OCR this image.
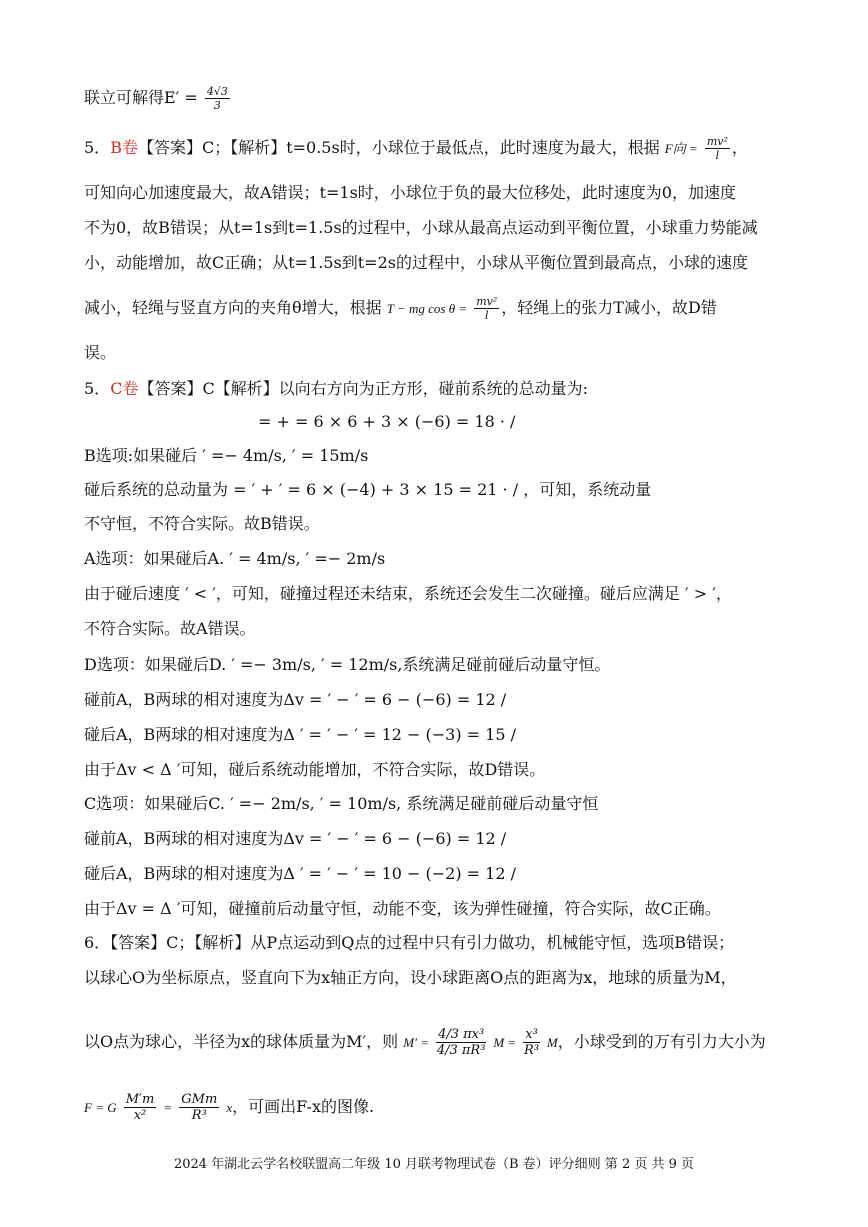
联立可解得$E' = \frac{4√3}{3}$
5．B卷【答案】C；【解析】t=0.5s时，小球位于最低点，此时速度为最大，根据 F向 = $\frac{\text{mv²}}{l}$ ，
可知向心加速度最大，故A错误；t=1s时，小球位于负的最大位移处，此时速度为0，加速度
不为0，故B错误；从t=1s到t=1.5s的过程中，小球从最高点运动到平衡位置，小球重力势能减
小，动能增加，故C正确；从t=1.5s到t=2s的过程中，小球从平衡位置到最高点，小球的速度
减小，轻绳与竖直方向的夹角θ增大，根据 T − mg $\cos \theta = \frac{\text{mv²}}{l}$ ，轻绳上的张力T减小，故D错
误。
5．C卷【答案】C【解析】以向右方向为正方形，碰前系统的总动量为:
= + = 6 × 6 + 3 × (−6) = 18 · /
B选项:如果碰后 ′ =− 4m/s, ′ = 15m/s
碰后系统的总动量为 = ′ + ′ = 6 × (−4) + 3 × 15 = 21 · / ，可知，系统动量
不守恒，不符合实际。故B错误。
A选项：如果碰后A. ′ = 4m/s, ′ =− 2m/s
由于碰后速度 ′ < ′，可知，碰撞过程还未结束，系统还会发生二次碰撞。碰后应满足 ′ > ′，
不符合实际。故A错误。
D选项：如果碰后D. ′ =− 3m/s, ′ = 12m/s,系统满足碰前碰后动量守恒。
碰前A，B两球的相对速度为Δv = ′ − ′ = 6 − (−6) = 12 /
碰后A，B两球的相对速度为Δ ′ = ′ − ′ = 12 − (−3) = 15 /
由于Δv < Δ ′可知，碰后系统动能增加，不符合实际，故D错误。
C选项：如果碰后C. ′ =− 2m/s, ′ = 10m/s, 系统满足碰前碰后动量守恒
碰前A，B两球的相对速度为Δv = ′ − ′ = 6 − (−6) = 12 /
碰后A，B两球的相对速度为Δ ′ = ′ − ′ = 10 − (−2) = 12 /
由于Δv = Δ ′可知，碰撞前后动量守恒，动能不变，该为弹性碰撞，符合实际，故C正确。
6．【答案】C；【解析】从P点运动到Q点的过程中只有引力做功，机械能守恒，选项B错误；
以球心O为坐标原点，竖直向下为x轴正方向，设小球距离O点的距离为x，地球的质量为M，
以O点为球心，半径为x的球体质量为M′，则 $M' = \frac{\text{4/3 πx³}}{\text{4/3 πR³}}$ $M = \frac{\text{x³}}{\text{R³}}$ M，小球受到的万有引力大小为
F = G $\frac{M'm}{\text{x²}} = \frac{\text{GMm}}{\text{R³}}$ x，可画出F-x的图像.
2024 年湖北云学名校联盟高二年级 10 月联考物理试卷（B 卷）评分细则 第 2 页 共 9 页
